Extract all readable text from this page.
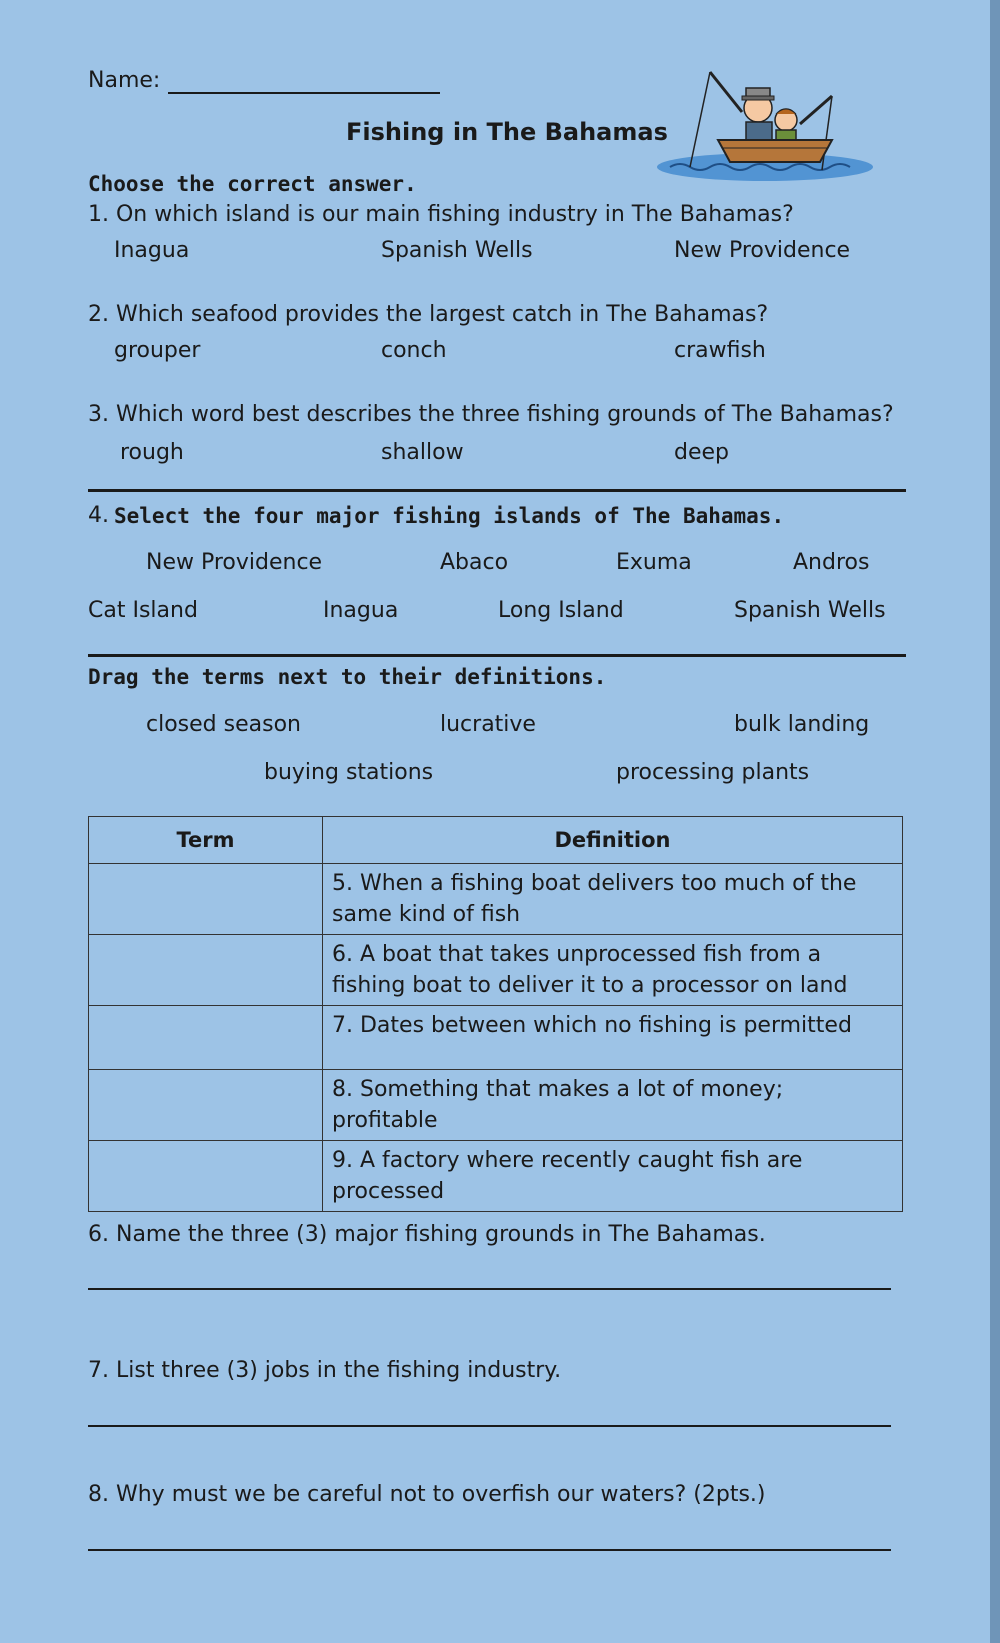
Name:
Fishing in The Bahamas
Choose the correct answer.
1. On which island is our main fishing industry in The Bahamas?
Inagua	Spanish Wells	New Providence
2. Which seafood provides the largest catch in The Bahamas?
grouper	conch	crawfish
3. Which word best describes the three fishing grounds of The Bahamas?
rough	shallow	deep
4. Select the four major fishing islands of The Bahamas.
New Providence	Abaco	Exuma	Andros
Cat Island	Inagua	Long Island	Spanish Wells
Drag the terms next to their definitions.
closed season	lucrative	bulk landing
buying stations	processing plants
Term	Definition
	5. When a fishing boat delivers too much of the same kind of fish
	6. A boat that takes unprocessed fish from a fishing boat to deliver it to a processor on land
	7. Dates between which no fishing is permitted
	8. Something that makes a lot of money; profitable
	9. A factory where recently caught fish are processed
6. Name the three (3) major fishing grounds in The Bahamas.
7. List three (3) jobs in the fishing industry.
8. Why must we be careful not to overfish our waters? (2pts.)
